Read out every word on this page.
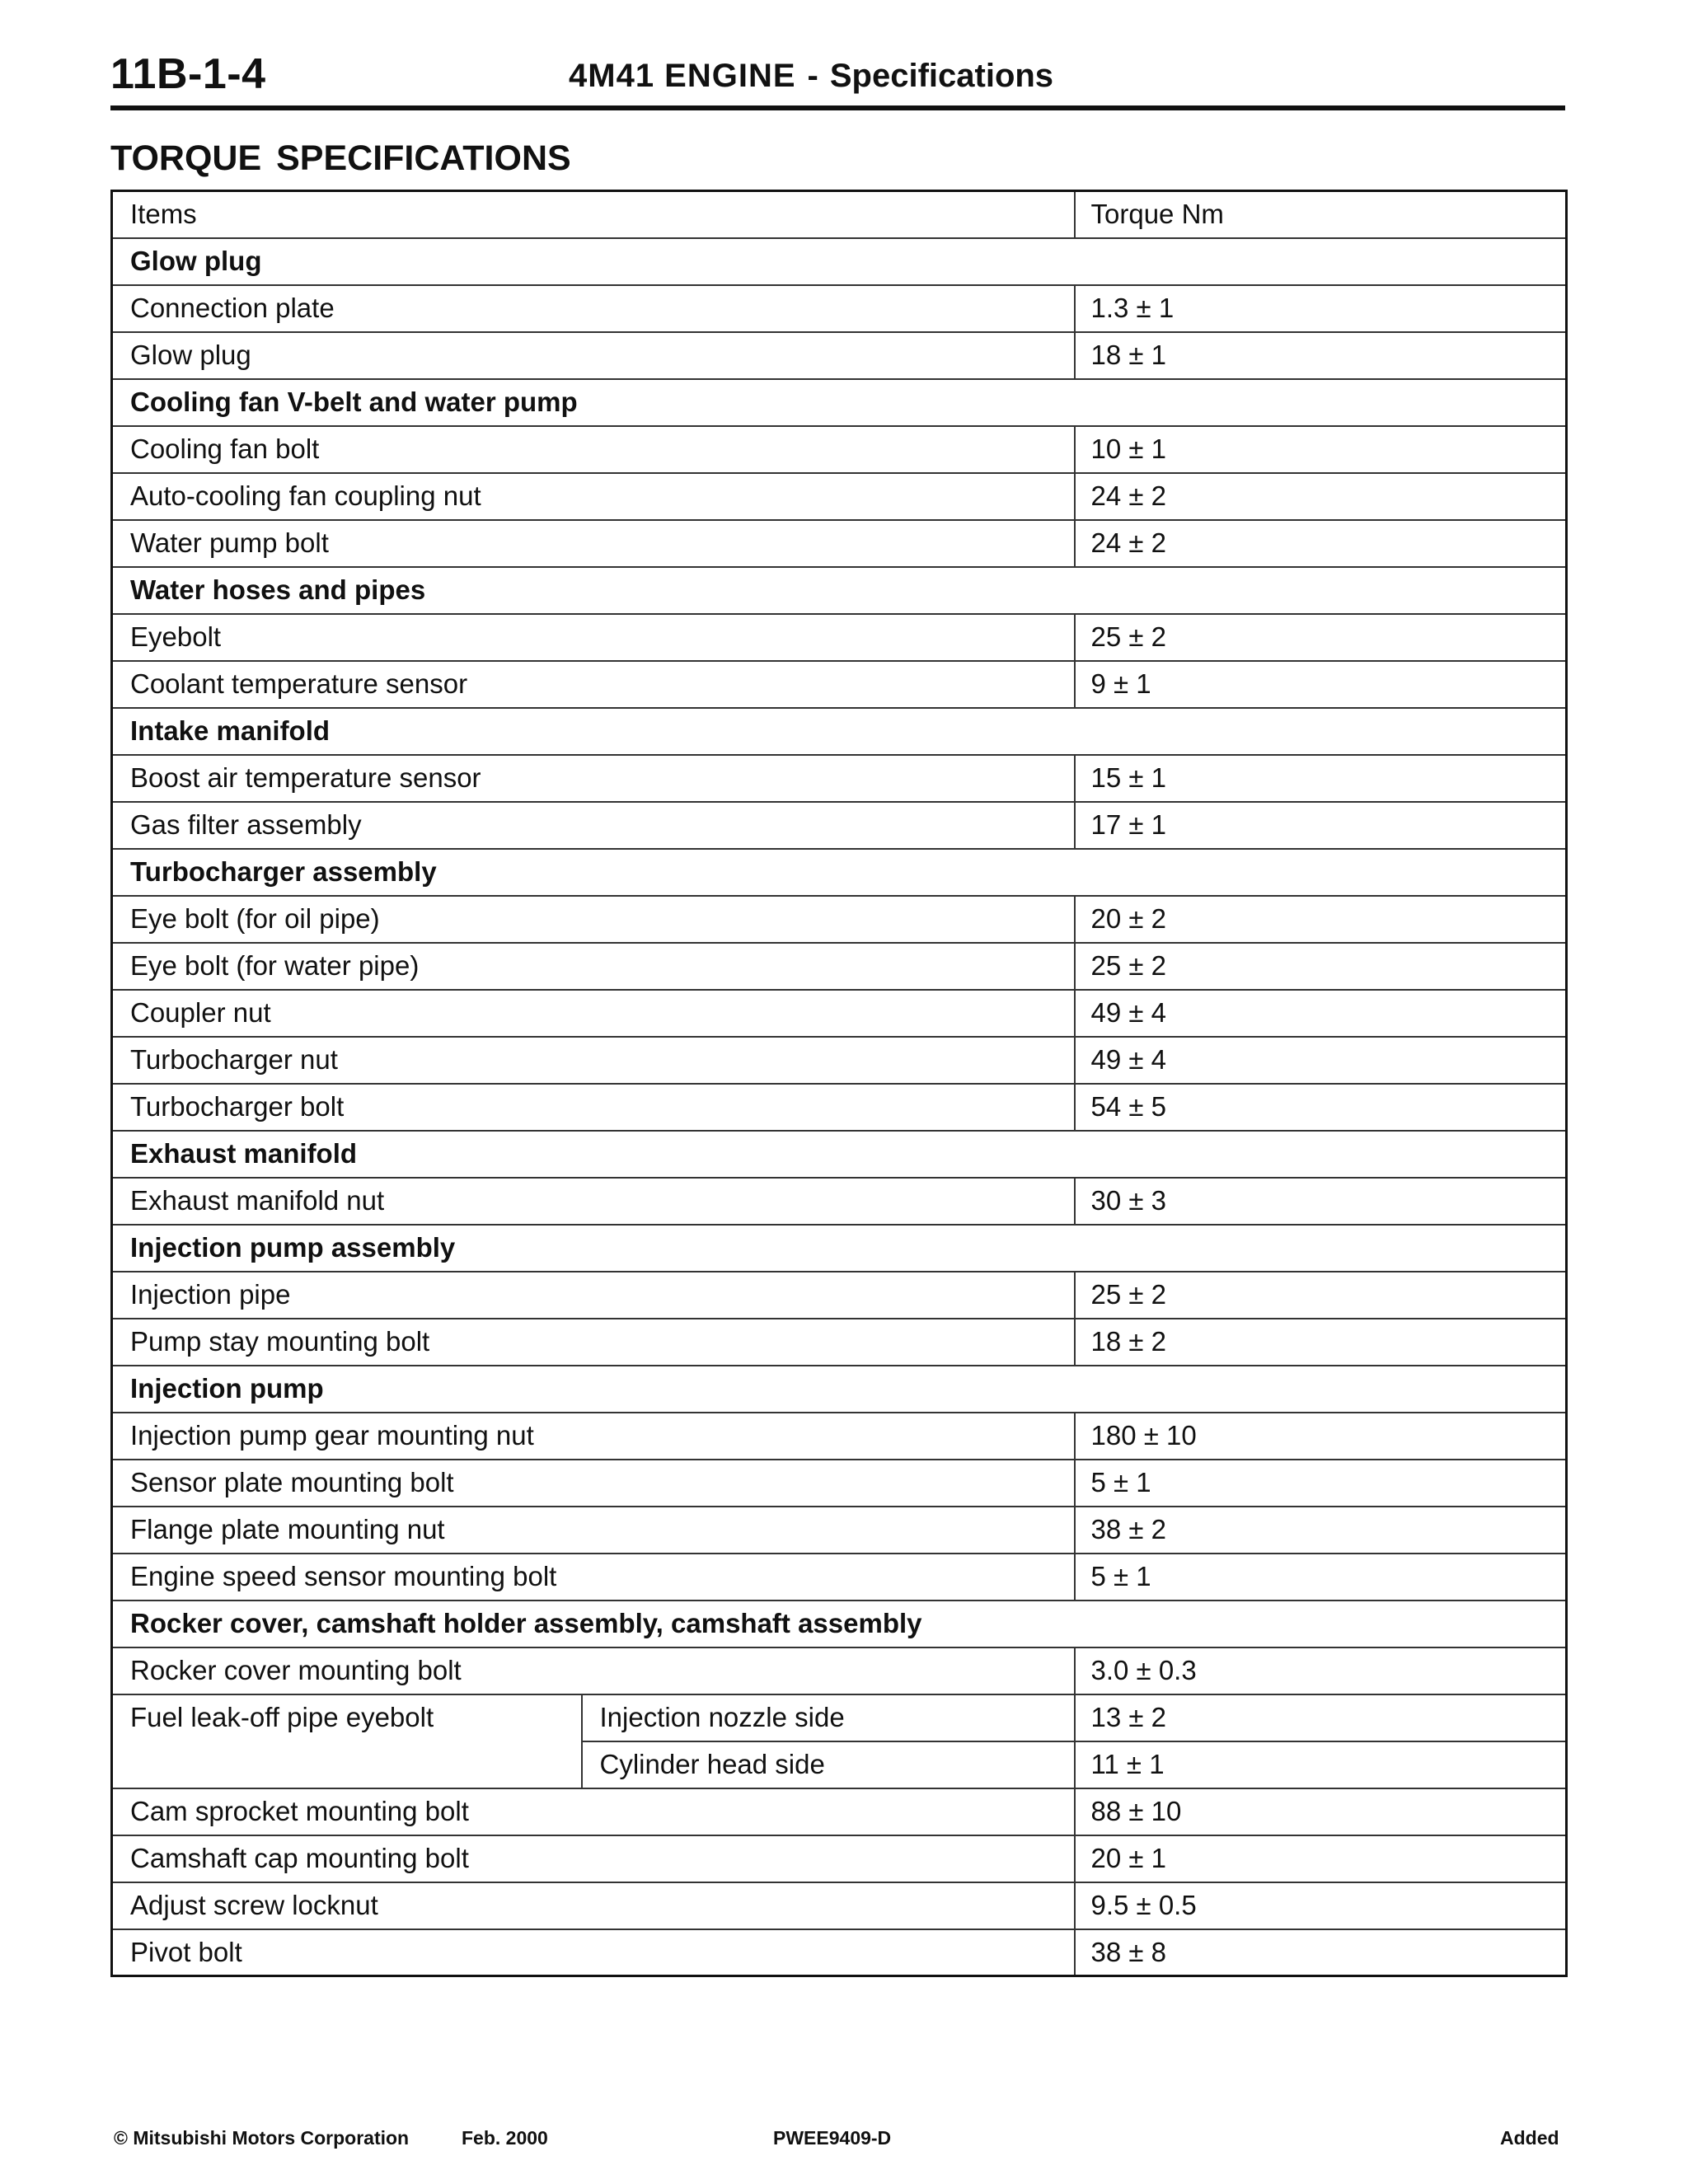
11B-1-4	4M41 ENGINE - Specifications
TORQUE SPECIFICATIONS
Items		Torque Nm
Glow plug		
Connection plate		1.3 ± 1
Glow plug		18 ± 1
Cooling fan V-belt and water pump		
Cooling fan bolt		10 ± 1
Auto-cooling fan coupling nut		24 ± 2
Water pump bolt		24 ± 2
Water hoses and pipes		
Eyebolt		25 ± 2
Coolant temperature sensor		9 ± 1
Intake manifold		
Boost air temperature sensor		15 ± 1
Gas filter assembly		17 ± 1
Turbocharger assembly		
Eye bolt (for oil pipe)		20 ± 2
Eye bolt (for water pipe)		25 ± 2
Coupler nut		49 ± 4
Turbocharger nut		49 ± 4
Turbocharger bolt		54 ± 5
Exhaust manifold		
Exhaust manifold nut		30 ± 3
Injection pump assembly		
Injection pipe		25 ± 2
Pump stay mounting bolt		18 ± 2
Injection pump		
Injection pump gear mounting nut		180 ± 10
Sensor plate mounting bolt		5 ± 1
Flange plate mounting nut		38 ± 2
Engine speed sensor mounting bolt		5 ± 1
Rocker cover, camshaft holder assembly, camshaft assembly		
Rocker cover mounting bolt		3.0 ± 0.3
Fuel leak-off pipe eyebolt	Injection nozzle side	13 ± 2
	Cylinder head side	11 ± 1
Cam sprocket mounting bolt		88 ± 10
Camshaft cap mounting bolt		20 ± 1
Adjust screw locknut		9.5 ± 0.5
Pivot bolt		38 ± 8
© Mitsubishi Motors Corporation	Feb. 2000	PWEE9409-D	Added
